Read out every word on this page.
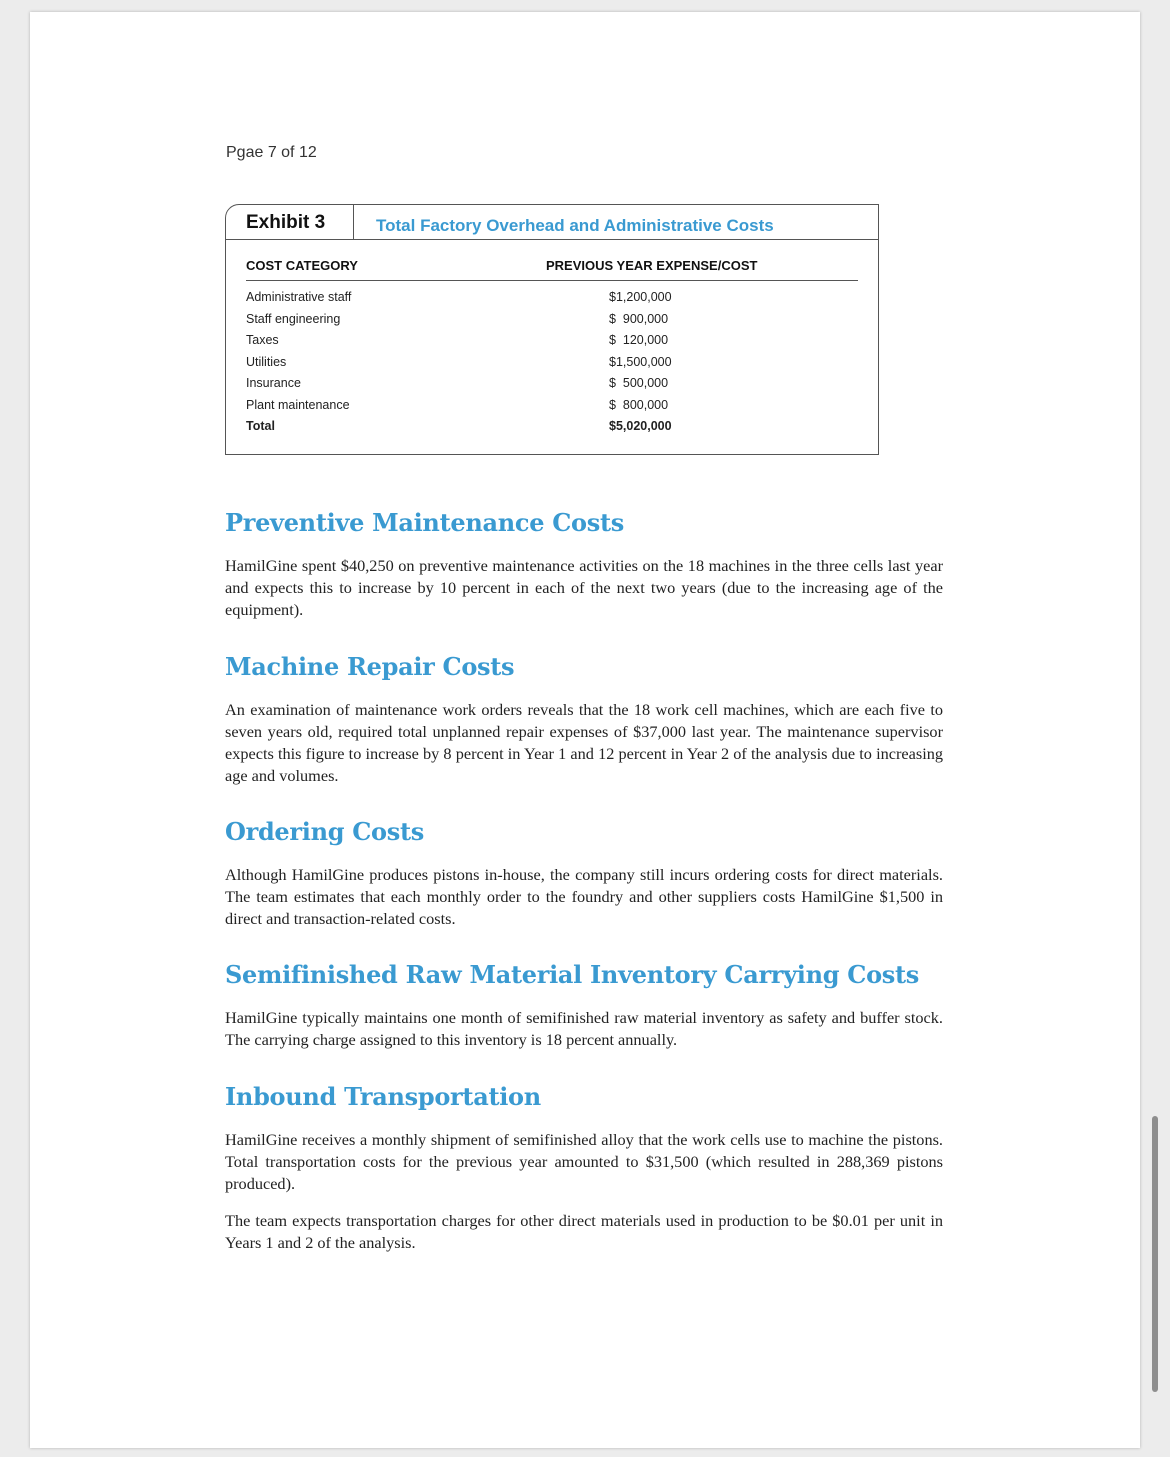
Pgae 7 of 12
Exhibit 3	Total Factory Overhead and Administrative Costs
COST CATEGORY	PREVIOUS YEAR EXPENSE/COST
Administrative staff	$1,200,000
Staff engineering	$  900,000
Taxes	$  120,000
Utilities	$1,500,000
Insurance	$  500,000
Plant maintenance	$  800,000
Total	$5,020,000
Preventive Maintenance Costs

HamilGine spent $40,250 on preventive maintenance activities on the 18 machines in the three cells last year and expects this to increase by 10 percent in each of the next two years (due to the increasing age of the equipment).

Machine Repair Costs

An examination of maintenance work orders reveals that the 18 work cell machines, which are each five to seven years old, required total unplanned repair expenses of $37,000 last year. The maintenance supervisor expects this figure to increase by 8 percent in Year 1 and 12 percent in Year 2 of the analysis due to increasing age and volumes.

Ordering Costs

Although HamilGine produces pistons in-house, the company still incurs ordering costs for direct materials. The team estimates that each monthly order to the foundry and other suppliers costs HamilGine $1,500 in direct and transaction-related costs.

Semifinished Raw Material Inventory Carrying Costs

HamilGine typically maintains one month of semifinished raw material inventory as safety and buffer stock. The carrying charge assigned to this inventory is 18 percent annually.

Inbound Transportation

HamilGine receives a monthly shipment of semifinished alloy that the work cells use to machine the pistons. Total transportation costs for the previous year amounted to $31,500 (which resulted in 288,369 pistons produced).

The team expects transportation charges for other direct materials used in production to be $0.01 per unit in Years 1 and 2 of the analysis.
